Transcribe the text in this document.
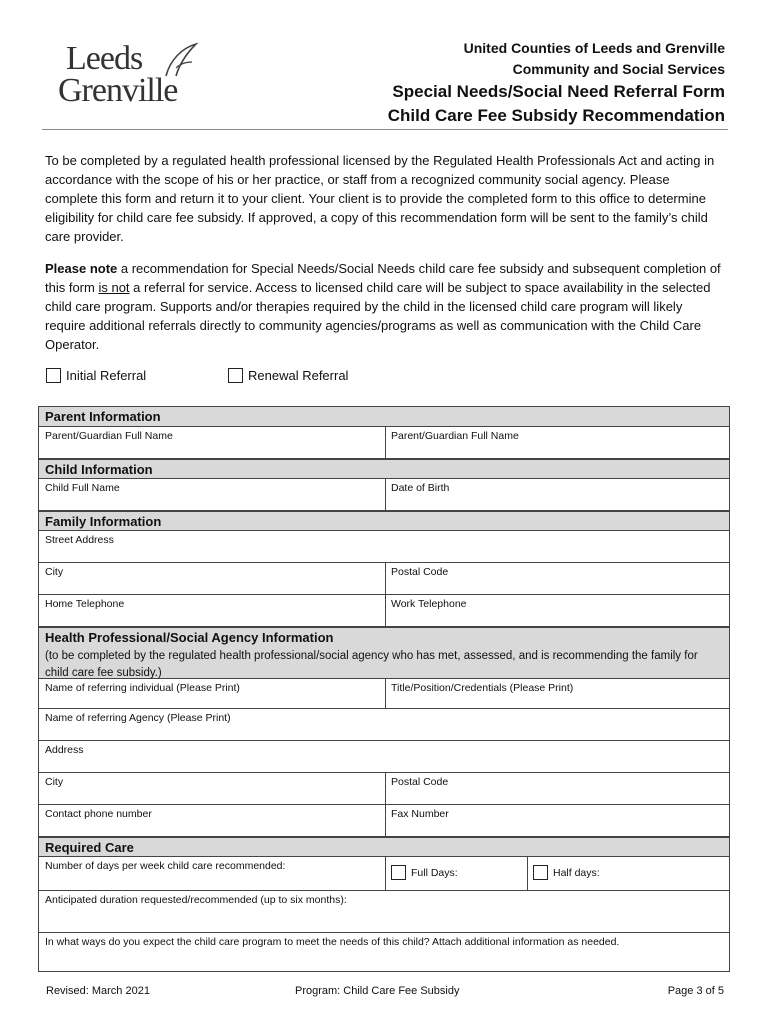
Leeds
Grenville
United Counties of Leeds and Grenville
Community and Social Services
Special Needs/Social Need Referral Form
Child Care Fee Subsidy Recommendation
To be completed by a regulated health professional licensed by the Regulated Health Professionals Act and acting in accordance with the scope of his or her practice, or staff from a recognized community social agency. Please complete this form and return it to your client. Your client is to provide the completed form to this office to determine eligibility for child care fee subsidy. If approved, a copy of this recommendation form will be sent to the family’s child care provider.
Please note a recommendation for Special Needs/Social Needs child care fee subsidy and subsequent completion of this form is not a referral for service. Access to licensed child care will be subject to space availability in the selected child care program. Supports and/or therapies required by the child in the licensed child care program will likely require additional referrals directly to community agencies/programs as well as communication with the Child Care Operator.
Initial Referral	Renewal Referral
Parent Information
Parent/Guardian Full Name	Parent/Guardian Full Name
Child Information
Child Full Name	Date of Birth
Family Information
Street Address
City	Postal Code
Home Telephone	Work Telephone
Health Professional/Social Agency Information
(to be completed by the regulated health professional/social agency who has met, assessed, and is recommending the family for child care fee subsidy.)
Name of referring individual (Please Print)	Title/Position/Credentials (Please Print)
Name of referring Agency (Please Print)
Address
City	Postal Code
Contact phone number	Fax Number
Required Care
Number of days per week child care recommended:
Full Days:	Half days:
Anticipated duration requested/recommended (up to six months):
In what ways do you expect the child care program to meet the needs of this child? Attach additional information as needed.
Revised: March 2021	Program: Child Care Fee Subsidy	Page 3 of 5
